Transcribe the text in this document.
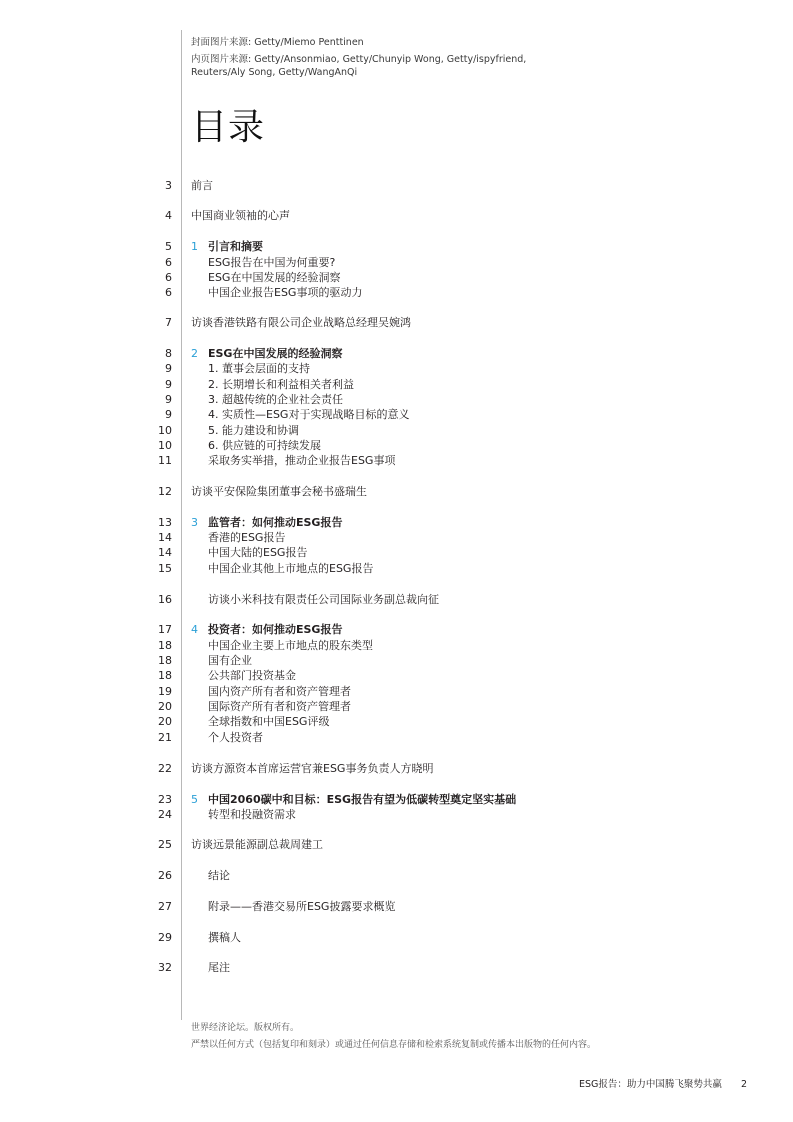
封面图片来源: Getty/Miemo Penttinen
内页图片来源: Getty/Ansonmiao, Getty/Chunyip Wong, Getty/ispyfriend, Reuters/Aly Song, Getty/WangAnQi
目录
3 前言
4 中国商业领袖的心声
5 1 引言和摘要
6	ESG报告在中国为何重要?
6	ESG在中国发展的经验洞察
6	中国企业报告ESG事项的驱动力
7 访谈香港铁路有限公司企业战略总经理吴婉鸿
8 2 ESG在中国发展的经验洞察
9	1. 董事会层面的支持
9	2. 长期增长和利益相关者利益
9	3. 超越传统的企业社会责任
9	4. 实质性—ESG对于实现战略目标的意义
10	5. 能力建设和协调
10	6. 供应链的可持续发展
11	采取务实举措，推动企业报告ESG事项
12 访谈平安保险集团董事会秘书盛瑞生
13 3 监管者：如何推动ESG报告
14	香港的ESG报告
14	中国大陆的ESG报告
15	中国企业其他上市地点的ESG报告
16	访谈小米科技有限责任公司国际业务副总裁向征
17 4 投资者：如何推动ESG报告
18	中国企业主要上市地点的股东类型
18	国有企业
18	公共部门投资基金
19	国内资产所有者和资产管理者
20	国际资产所有者和资产管理者
20	全球指数和中国ESG评级
21	个人投资者
22 访谈方源资本首席运营官兼ESG事务负责人方晓明
23 5 中国2060碳中和目标：ESG报告有望为低碳转型奠定坚实基础
24	转型和投融资需求
25 访谈远景能源副总裁周建工
26	结论
27	附录——香港交易所ESG披露要求概览
29	撰稿人
32	尾注
世界经济论坛。版权所有。
严禁以任何方式（包括复印和刻录）或通过任何信息存储和检索系统复制或传播本出版物的任何内容。
ESG报告：助力中国腾飞聚势共赢 2
